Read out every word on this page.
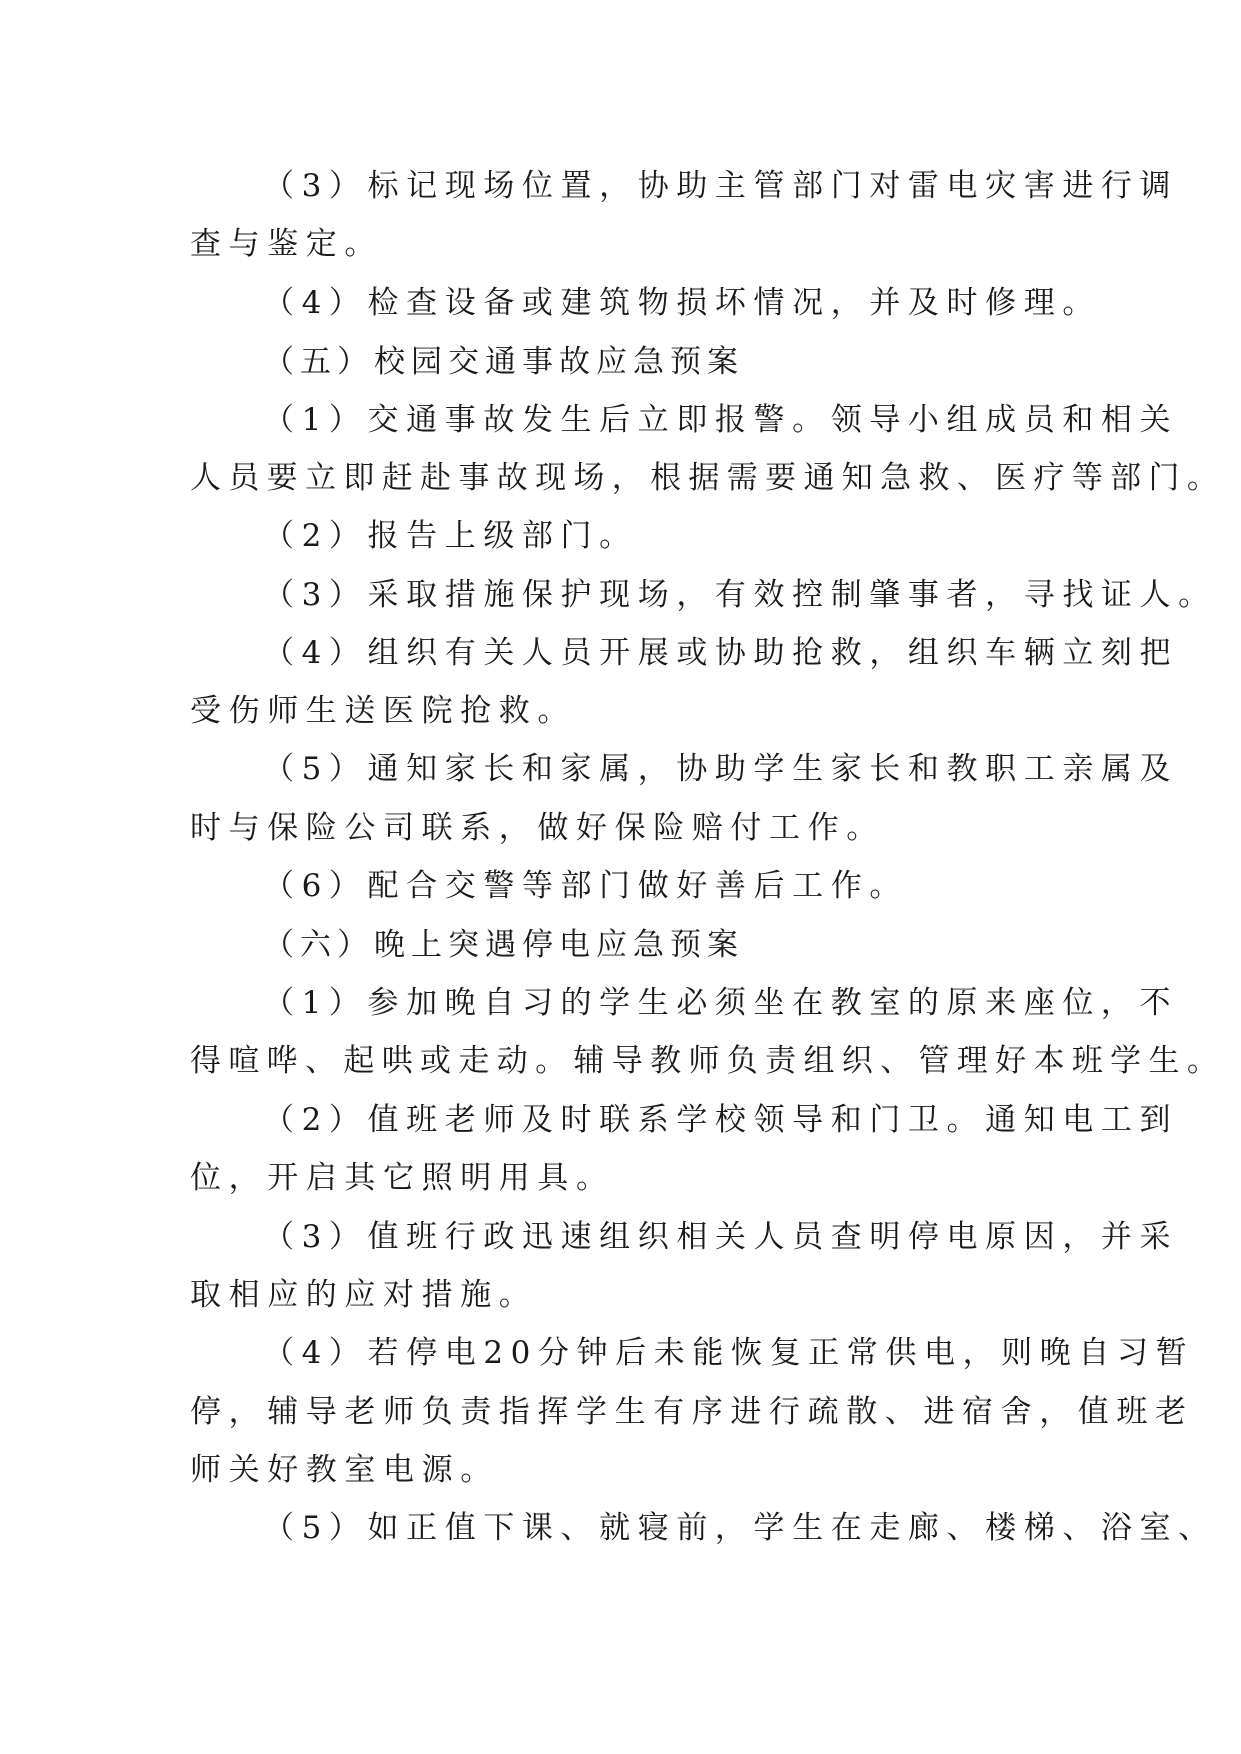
（3）标记现场位置，协助主管部门对雷电灾害进行调

查与鉴定。

（4）检查设备或建筑物损坏情况，并及时修理。

（五）校园交通事故应急预案

（1）交通事故发生后立即报警。领导小组成员和相关

人员要立即赶赴事故现场，根据需要通知急救、医疗等部门。

（2）报告上级部门。

（3）采取措施保护现场，有效控制肇事者，寻找证人。

（4）组织有关人员开展或协助抢救，组织车辆立刻把

受伤师生送医院抢救。

（5）通知家长和家属，协助学生家长和教职工亲属及

时与保险公司联系，做好保险赔付工作。

（6）配合交警等部门做好善后工作。

（六）晚上突遇停电应急预案

（1）参加晚自习的学生必须坐在教室的原来座位，不

得喧哗、起哄或走动。辅导教师负责组织、管理好本班学生。

（2）值班老师及时联系学校领导和门卫。通知电工到

位，开启其它照明用具。

（3）值班行政迅速组织相关人员查明停电原因，并采

取相应的应对措施。

（4）若停电20分钟后未能恢复正常供电，则晚自习暂

停，辅导老师负责指挥学生有序进行疏散、进宿舍，值班老

师关好教室电源。

（5）如正值下课、就寝前，学生在走廊、楼梯、浴室、
